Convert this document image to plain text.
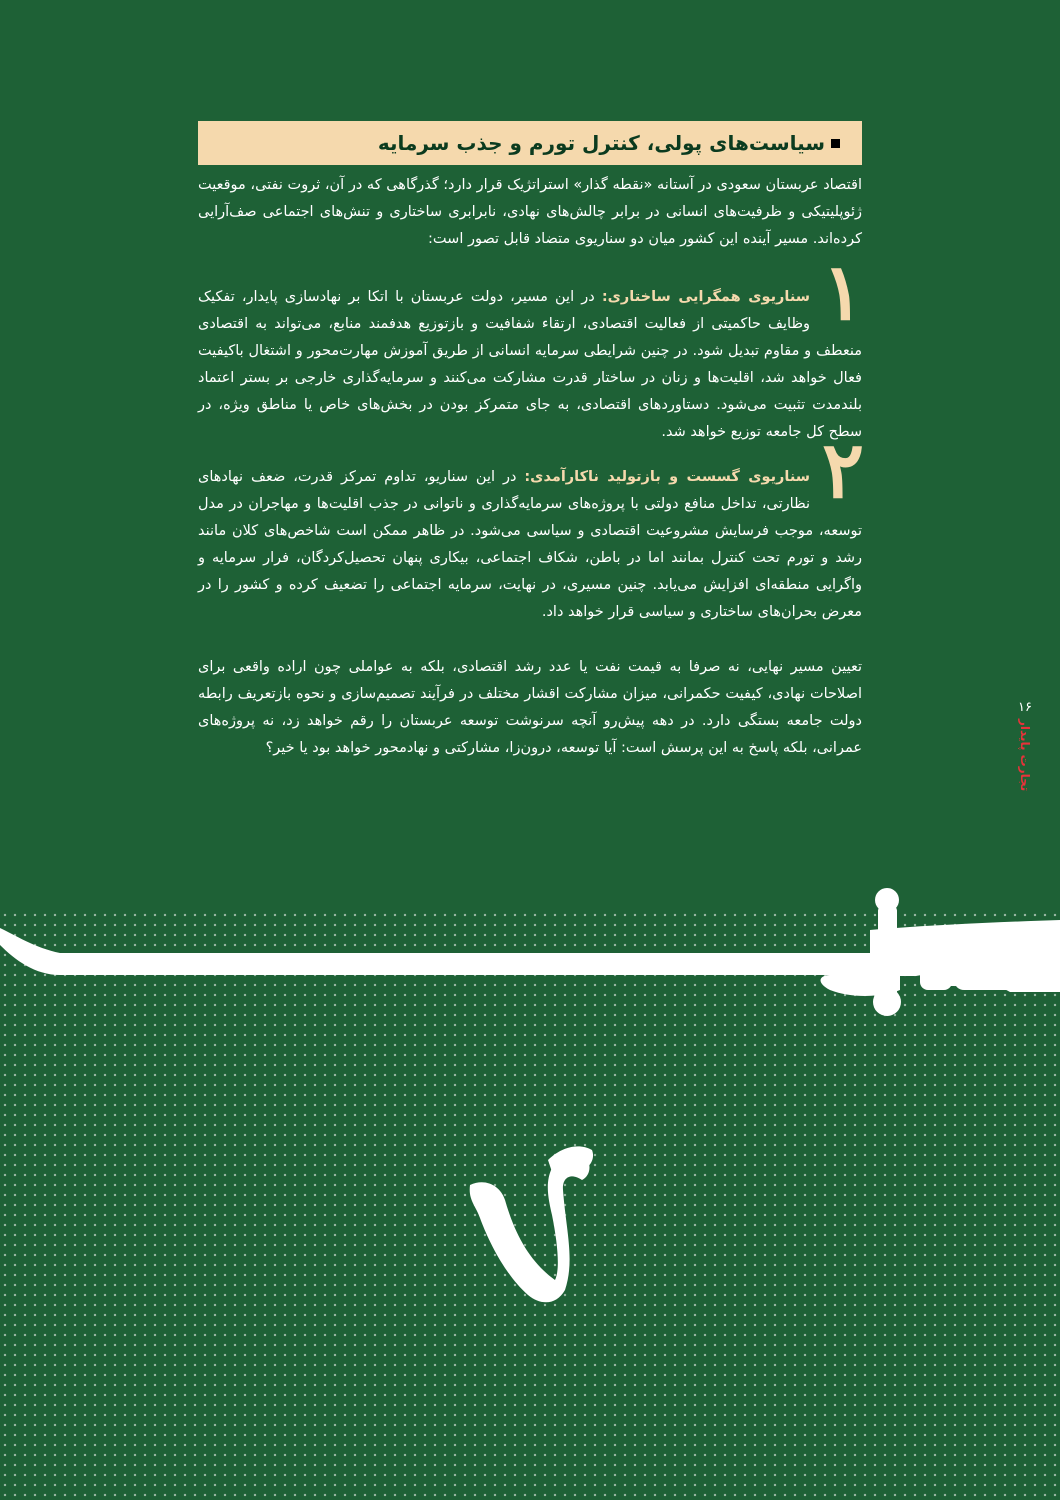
سیاست‌های پولی، کنترل تورم و جذب سرمایه

اقتصاد عربستان سعودی در آستانه «نقطه گذار» استراتژیک قرار دارد؛ گذرگاهی که در آن، ثروت نفتی، موقعیت ژئوپلیتیکی و ظرفیت‌های انسانی در برابر چالش‌های نهادی، نابرابری ساختاری و تنش‌های اجتماعی صف‌آرایی کرده‌اند. مسیر آینده این کشور میان دو سناریوی متضاد قابل تصور است:

۱

سناریوی همگرایی ساختاری: در این مسیر، دولت عربستان با اتکا بر نهادسازی پایدار، تفکیک وظایف حاکمیتی از فعالیت اقتصادی، ارتقاء شفافیت و بازتوزیع هدفمند منابع، می‌تواند به اقتصادی منعطف و مقاوم تبدیل شود. در چنین شرایطی سرمایه انسانی از طریق آموزش مهارت‌محور و اشتغال باکیفیت فعال خواهد شد، اقلیت‌ها و زنان در ساختار قدرت مشارکت می‌کنند و سرمایه‌گذاری خارجی بر بستر اعتماد بلندمدت تثبیت می‌شود. دستاوردهای اقتصادی، به جای متمرکز بودن در بخش‌های خاص یا مناطق ویژه، در سطح کل جامعه توزیع خواهد شد.

۲

سناریوی گسست و بازتولید ناکارآمدی: در این سناریو، تداوم تمرکز قدرت، ضعف نهادهای نظارتی، تداخل منافع دولتی با پروژه‌های سرمایه‌گذاری و ناتوانی در جذب اقلیت‌ها و مهاجران در مدل توسعه، موجب فرسایش مشروعیت اقتصادی و سیاسی می‌شود. در ظاهر ممکن است شاخص‌های کلان مانند رشد و تورم تحت کنترل بمانند اما در باطن، شکاف اجتماعی، بیکاری پنهان تحصیل‌کردگان، فرار سرمایه و واگرایی منطقه‌ای افزایش می‌یابد. چنین مسیری، در نهایت، سرمایه اجتماعی را تضعیف کرده و کشور را در معرض بحران‌های ساختاری و سیاسی قرار خواهد داد.

تعیین مسیر نهایی، نه صرفا به قیمت نفت یا عدد رشد اقتصادی، بلکه به عواملی چون اراده واقعی برای اصلاحات نهادی، کیفیت حکمرانی، میزان مشارکت اقشار مختلف در فرآیند تصمیم‌سازی و نحوه بازتعریف رابطه دولت جامعه بستگی دارد. در دهه پیش‌رو آنچه سرنوشت توسعه عربستان را رقم خواهد زد، نه پروژه‌های عمرانی، بلکه پاسخ به این پرسش است: آیا توسعه، درون‌زا، مشارکتی و نهادمحور خواهد بود یا خیر؟

۱۶
تجارت پایدار
